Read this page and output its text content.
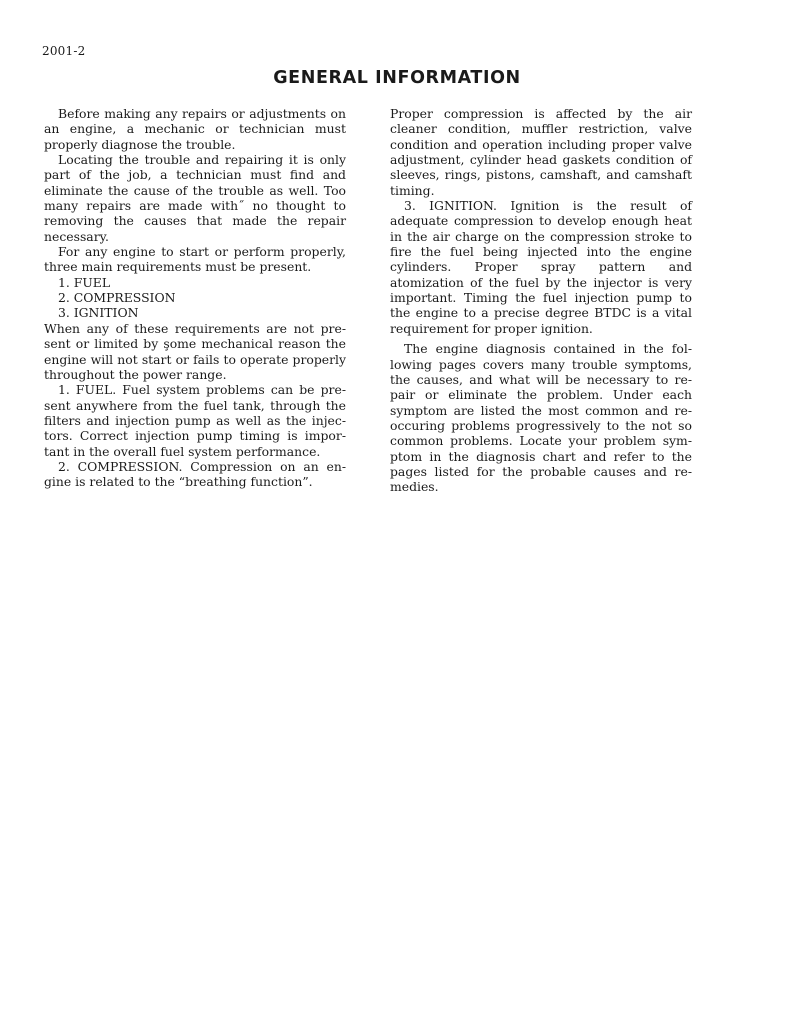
2001-2
GENERAL INFORMATION

Before making any repairs or adjustments on an engine, a mechanic or technician must properly diagnose the trouble.

Locating the trouble and repairing it is only part of the job, a technician must find and eliminate the cause of the trouble as well. Too many repairs are made with˝ no thought to removing the causes that made the repair necessary.

For any engine to start or perform properly, three main requirements must be present.

1. FUEL

2. COMPRESSION

3. IGNITION

When any of these requirements are not present or limited by şome mechanical reason the engine will not start or fails to operate properly throughout the power range.

1. FUEL. Fuel system problems can be present anywhere from the fuel tank, through the filters and injection pump as well as the injectors. Correct injection pump timing is important in the overall fuel system performance.

2. COMPRESSION. Compression on an engine is related to the “breathing function”.

Proper compression is affected by the air cleaner condition, muffler restriction, valve condition and operation including proper valve adjustment, cylinder head gaskets condition of sleeves, rings, pistons, camshaft, and camshaft timing.

3. IGNITION. Ignition is the result of adequate compression to develop enough heat in the air charge on the compression stroke to fire the fuel being injected into the engine cylinders. Proper spray pattern and atomization of the fuel by the injector is very important. Timing the fuel injection pump to the engine to a precise degree BTDC is a vital requirement for proper ignition.

The engine diagnosis contained in the following pages covers many trouble symptoms, the causes, and what will be necessary to repair or eliminate the problem. Under each symptom are listed the most common and reoccuring problems progressively to the not so common problems. Locate your problem symptom in the diagnosis chart and refer to the pages listed for the probable causes and remedies.
